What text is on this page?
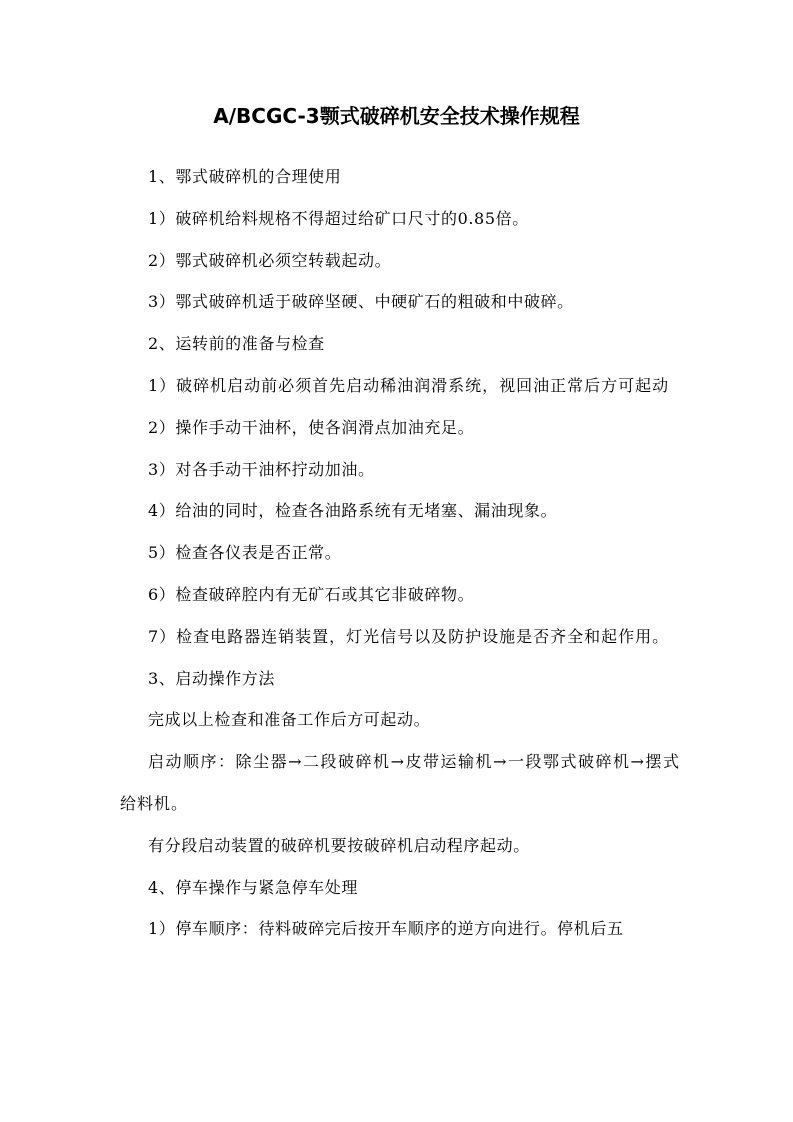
A/BCGC-3颚式破碎机安全技术操作规程

1、鄂式破碎机的合理使用

1）破碎机给料规格不得超过给矿口尺寸的0.85倍。

2）鄂式破碎机必须空转载起动。

3）鄂式破碎机适于破碎坚硬、中硬矿石的粗破和中破碎。

2、运转前的准备与检查

1）破碎机启动前必须首先启动稀油润滑系统，视回油正常后方可起动

2）操作手动干油杯，使各润滑点加油充足。

3）对各手动干油杯拧动加油。

4）给油的同时，检查各油路系统有无堵塞、漏油现象。

5）检查各仪表是否正常。

6）检查破碎腔内有无矿石或其它非破碎物。

7）检查电路器连销装置，灯光信号以及防护设施是否齐全和起作用。

3、启动操作方法

完成以上检查和准备工作后方可起动。

启动顺序：除尘器→二段破碎机→皮带运输机→一段鄂式破碎机→摆式给料机。

有分段启动装置的破碎机要按破碎机启动程序起动。

4、停车操作与紧急停车处理

1）停车顺序：待料破碎完后按开车顺序的逆方向进行。停机后五
